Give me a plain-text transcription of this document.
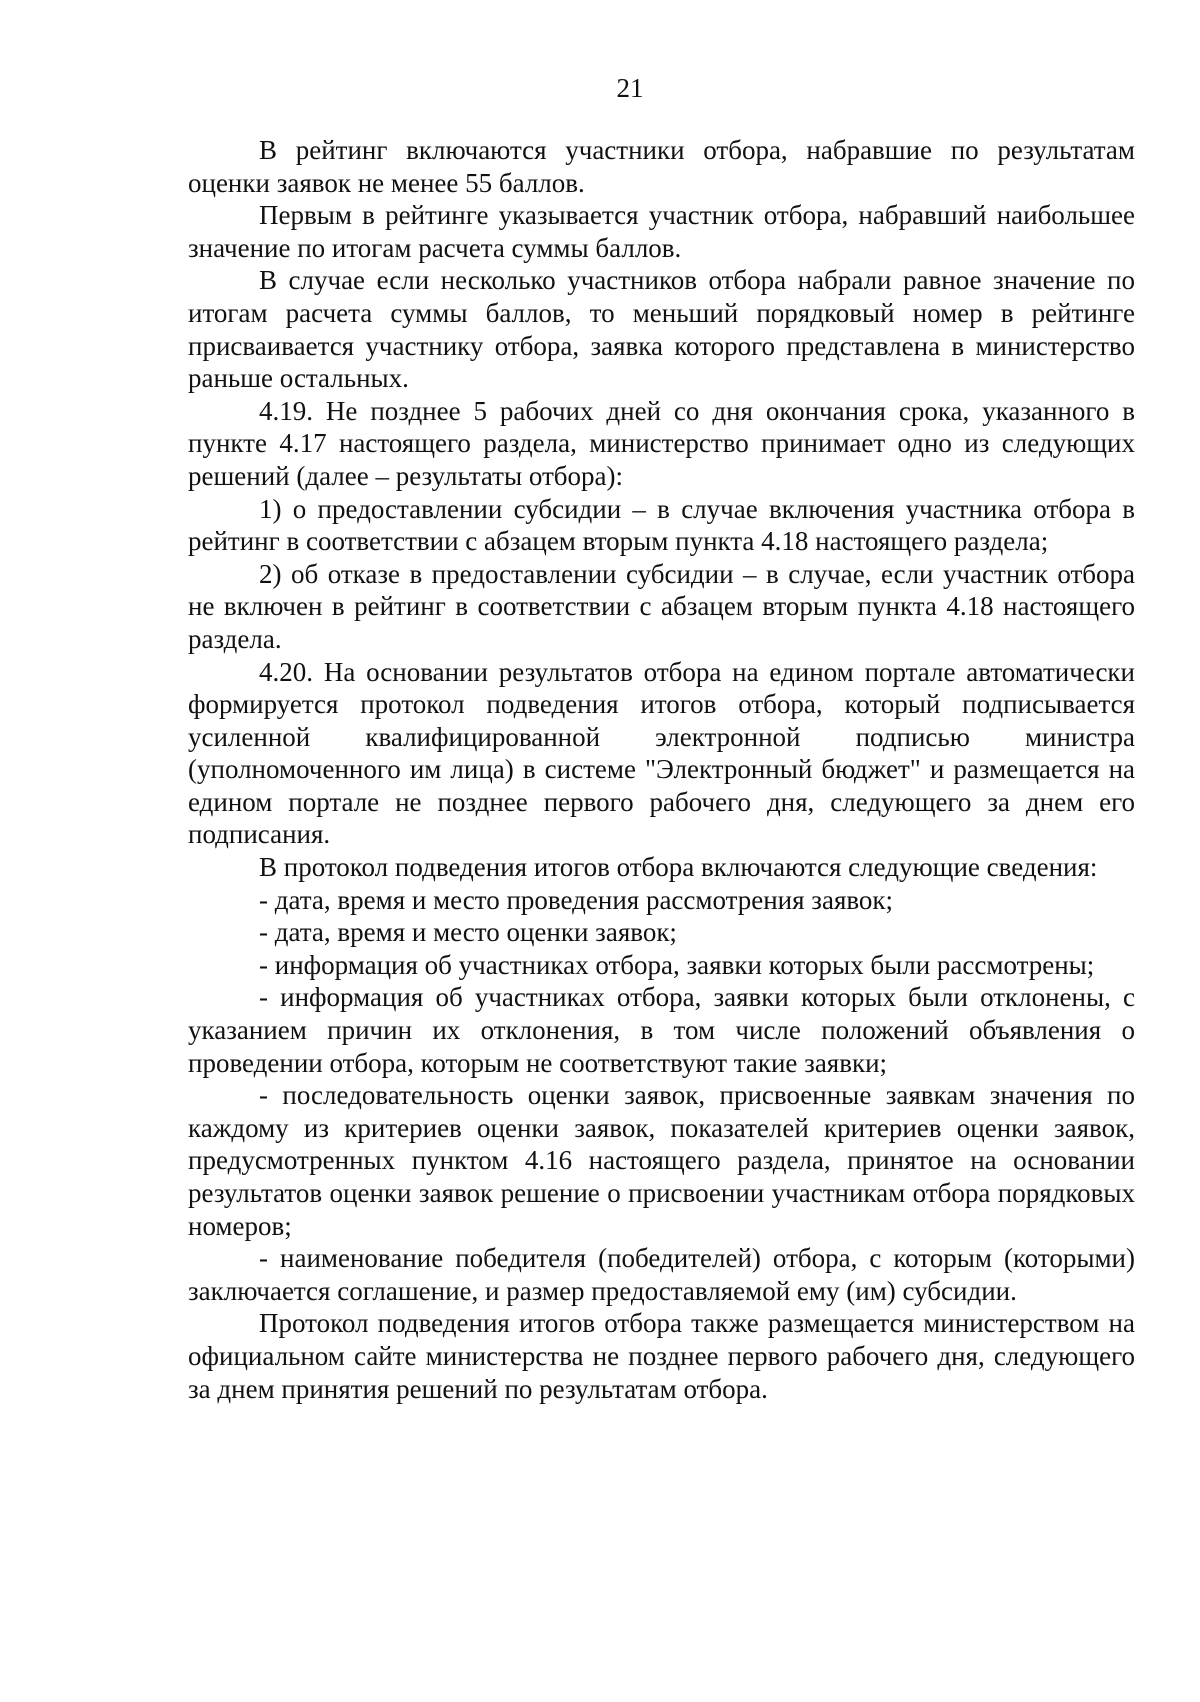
21

В рейтинг включаются участники отбора, набравшие по результатам оценки заявок не менее 55 баллов.

Первым в рейтинге указывается участник отбора, набравший наибольшее значение по итогам расчета суммы баллов.

В случае если несколько участников отбора набрали равное значение по итогам расчета суммы баллов, то меньший порядковый номер в рейтинге присваивается участнику отбора, заявка которого представлена в министерство раньше остальных.

4.19. Не позднее 5 рабочих дней со дня окончания срока, указанного в пункте 4.17 настоящего раздела, министерство принимает одно из следующих решений (далее – результаты отбора):

1) о предоставлении субсидии – в случае включения участника отбора в рейтинг в соответствии с абзацем вторым пункта 4.18 настоящего раздела;

2) об отказе в предоставлении субсидии – в случае, если участник отбора не включен в рейтинг в соответствии с абзацем вторым пункта 4.18 настоящего раздела.

4.20. На основании результатов отбора на едином портале автоматически формируется протокол подведения итогов отбора, который подписывается усиленной квалифицированной электронной подписью министра (уполномоченного им лица) в системе "Электронный бюджет" и размещается на едином портале не позднее первого рабочего дня, следующего за днем его подписания.

В протокол подведения итогов отбора включаются следующие сведения:

- дата, время и место проведения рассмотрения заявок;

- дата, время и место оценки заявок;

- информация об участниках отбора, заявки которых были рассмотрены;

- информация об участниках отбора, заявки которых были отклонены, с указанием причин их отклонения, в том числе положений объявления о проведении отбора, которым не соответствуют такие заявки;

- последовательность оценки заявок, присвоенные заявкам значения по каждому из критериев оценки заявок, показателей критериев оценки заявок, предусмотренных пунктом 4.16 настоящего раздела, принятое на основании результатов оценки заявок решение о присвоении участникам отбора порядковых номеров;

- наименование победителя (победителей) отбора, с которым (которыми) заключается соглашение, и размер предоставляемой ему (им) субсидии.

Протокол подведения итогов отбора также размещается министерством на официальном сайте министерства не позднее первого рабочего дня, следующего за днем принятия решений по результатам отбора.
